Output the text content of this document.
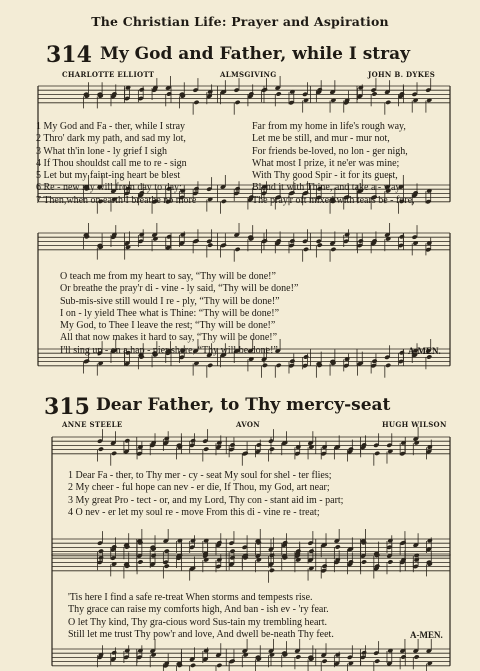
The Christian Life: Prayer and Aspiration
314 My God and Father, while I stray
CHARLOTTE ELLIOTT	ALMSGIVING	JOHN B. DYKES
1 My God and Fa - ther, while I stray
2 Thro' dark my path, and sad my lot,
3 What th'in lone - ly grief I sigh
4 If Thou shouldst call me to re - sign
5 Let but my faint-ing heart be blest
6 Re - new my will from day to day;
7 Then,when on earth I breathe no more
Far from my home in life's rough way,
Let me be still, and mur - mur not,
For friends be-loved, no lon - ger nigh,
What most I prize, it ne'er was mine;
With Thy good Spir - it for its guest,
Blend it with Thine, and take a - way
The pray'r oft mixed with tears be - fore,
O teach me from my heart to say, “Thy will be done!”
Or breathe the pray'r di - vine - ly said, “Thy will be done!”
Sub-mis-sive still would I re - ply, “Thy will be done!”
I on - ly yield Thee what is Thine: “Thy will be done!”
My God, to Thee I leave the rest; “Thy will be done!”
All that now makes it hard to say, “Thy will be done!”
I'll sing up - on a hap - pier shore, “Thy will be done!”	A-MEN.
315 Dear Father, to Thy mercy-seat
ANNE STEELE	AVON	HUGH WILSON
1 Dear Fa - ther, to Thy mer - cy - seat My soul for shel - ter flies;
2 My cheer - ful hope can nev - er die, If Thou, my God, art near;
3 My great Pro - tect - or, and my Lord, Thy con - stant aid im - part;
4 O nev - er let my soul re - move From this di - vine re - treat;
'Tis here I find a safe re-treat When storms and tempests rise.
Thy grace can raise my comforts high, And ban - ish ev - 'ry fear.
O let Thy kind, Thy gra-cious word Sus-tain my trembling heart.
Still let me trust Thy pow'r and love, And dwell be-neath Thy feet.	A-MEN.
